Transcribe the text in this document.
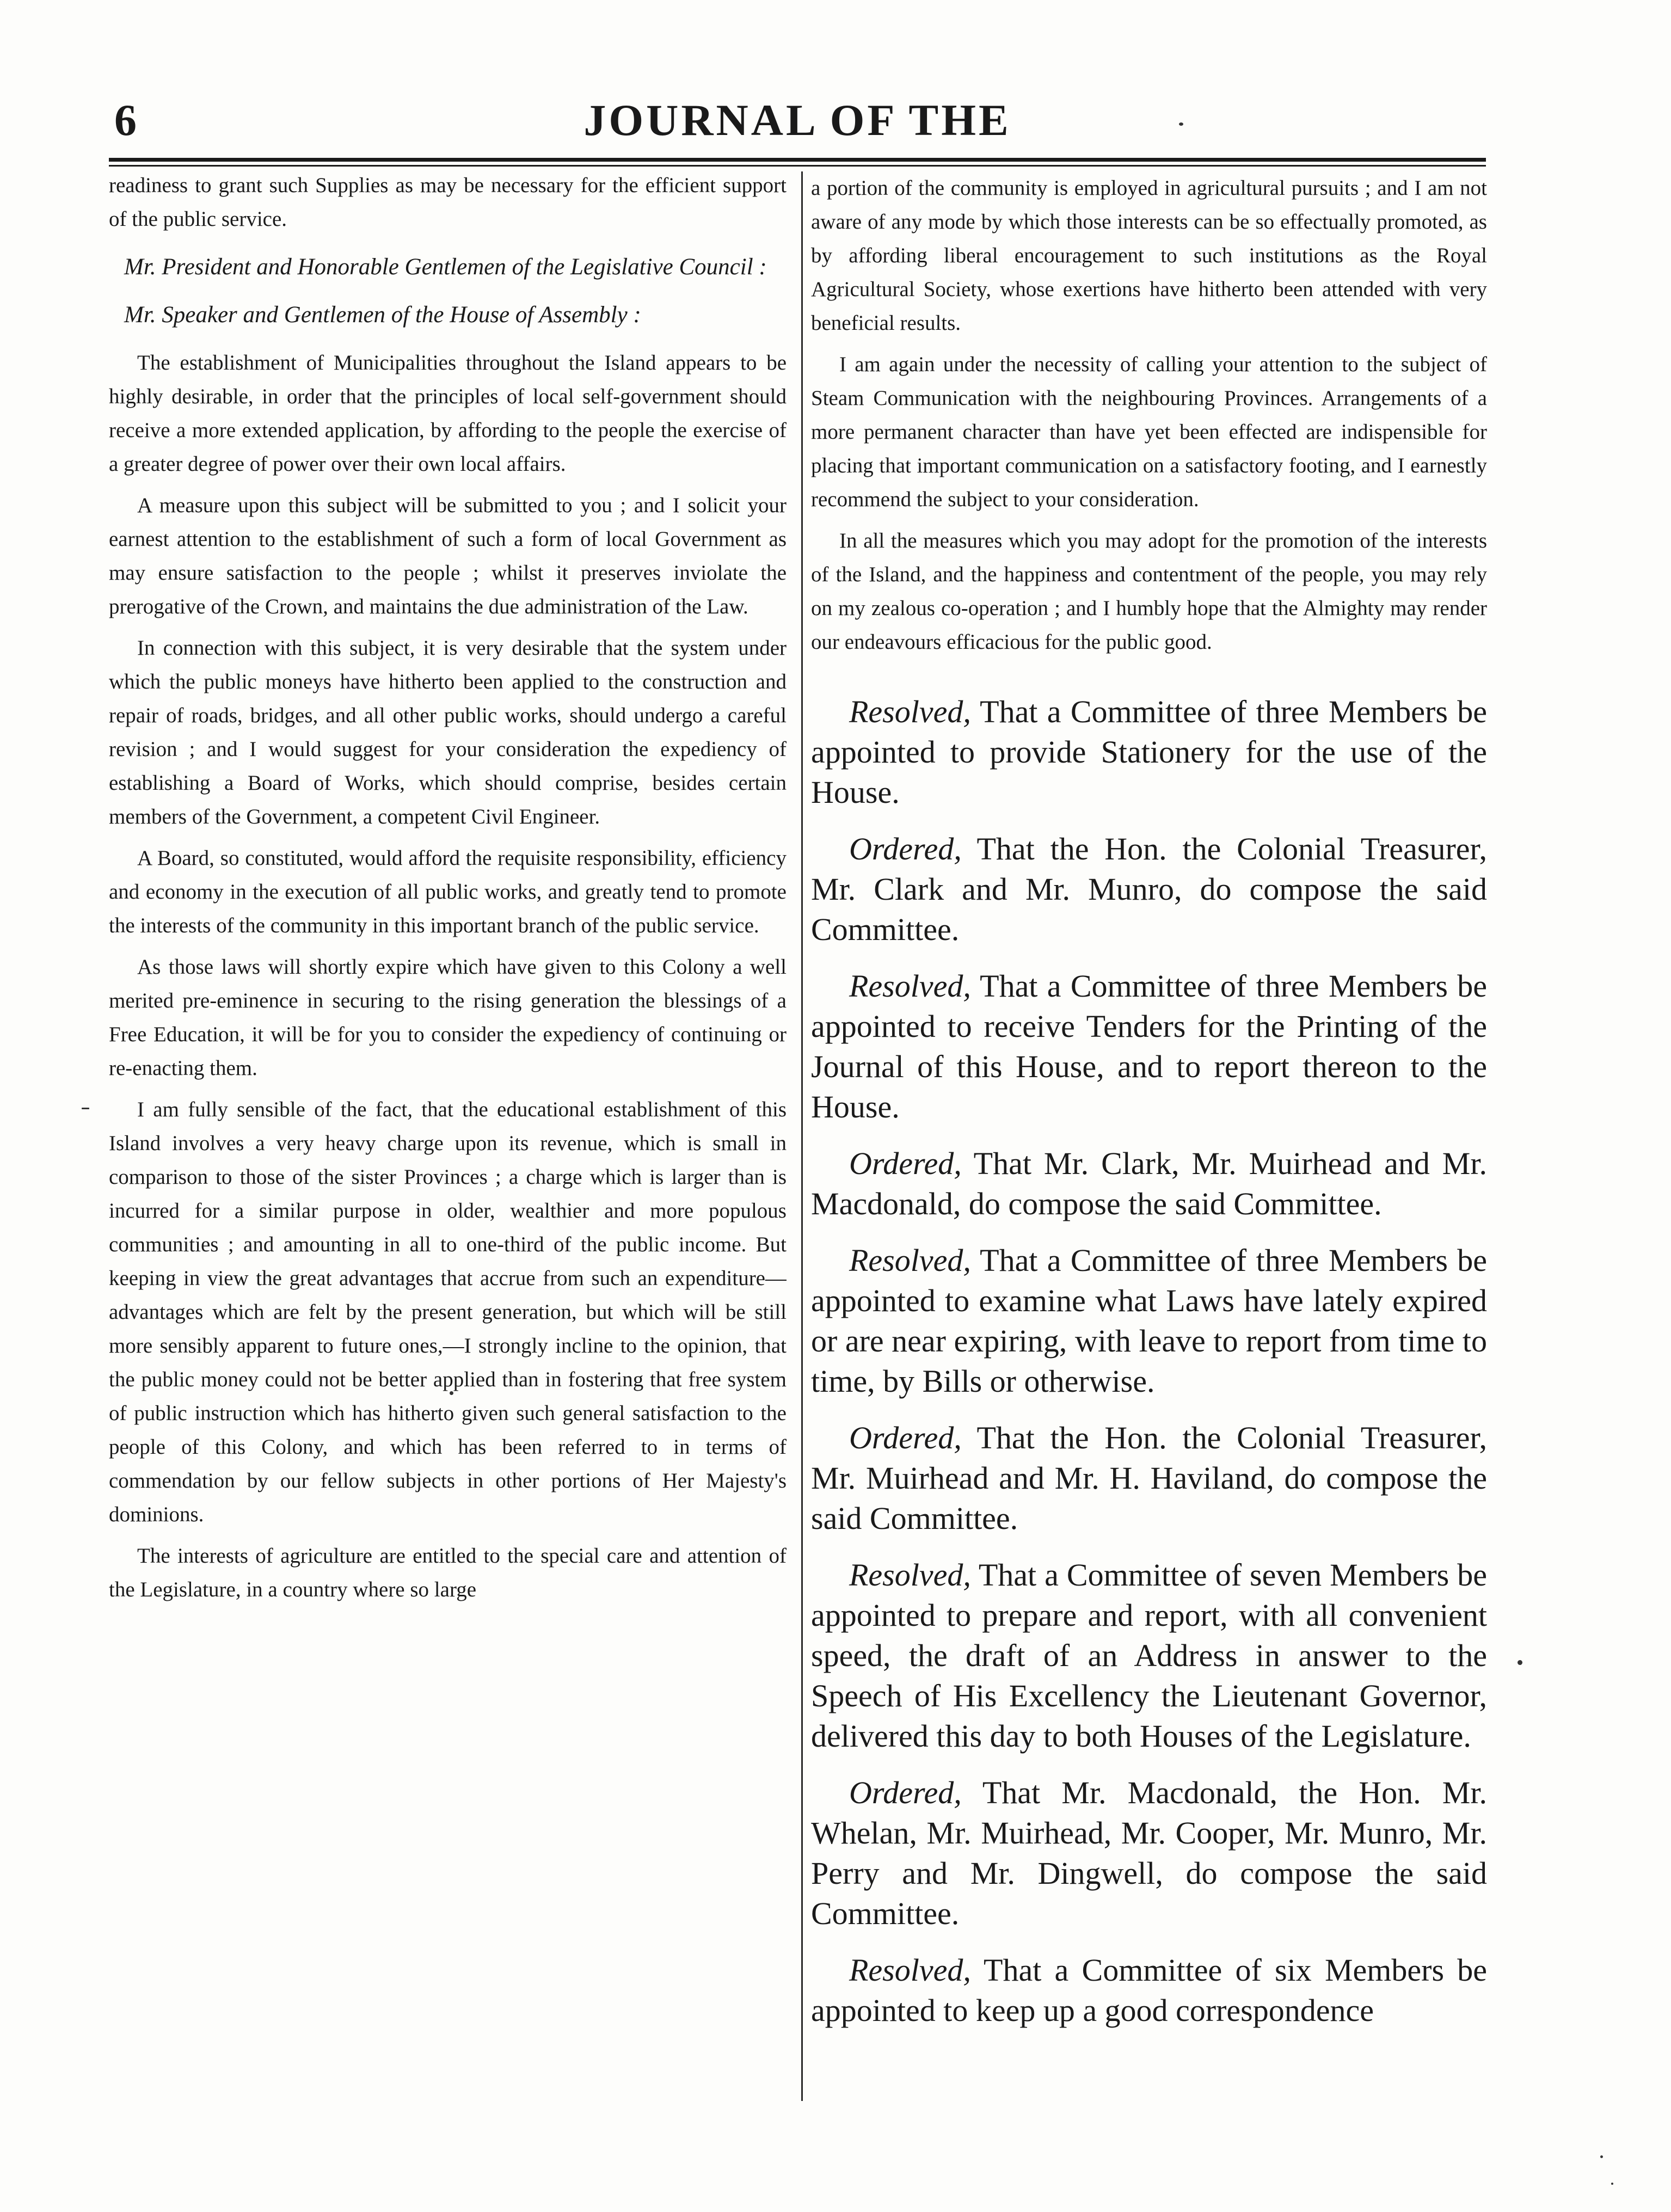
6	JOURNAL OF THE

readiness to grant such Supplies as may be necessary for the efficient support of the public service.

Mr. President and Honorable Gentlemen of the Legislative Council :

Mr. Speaker and Gentlemen of the House of Assembly :

The establishment of Municipalities throughout the Island appears to be highly desirable, in order that the principles of local self-government should receive a more extended application, by affording to the people the exercise of a greater degree of power over their own local affairs.

A measure upon this subject will be submitted to you ; and I solicit your earnest attention to the establishment of such a form of local Government as may ensure satisfaction to the people ; whilst it preserves inviolate the prerogative of the Crown, and maintains the due administration of the Law.

In connection with this subject, it is very desirable that the system under which the public moneys have hitherto been applied to the construction and repair of roads, bridges, and all other public works, should undergo a careful revision ; and I would suggest for your consideration the expediency of establishing a Board of Works, which should comprise, besides certain members of the Government, a competent Civil Engineer.

A Board, so constituted, would afford the requisite responsibility, efficiency and economy in the execution of all public works, and greatly tend to promote the interests of the community in this important branch of the public service.

As those laws will shortly expire which have given to this Colony a well merited pre-eminence in securing to the rising generation the blessings of a Free Education, it will be for you to consider the expediency of continuing or re-enacting them.

I am fully sensible of the fact, that the educational establishment of this Island involves a very heavy charge upon its revenue, which is small in comparison to those of the sister Provinces ; a charge which is larger than is incurred for a similar purpose in older, wealthier and more populous communities ; and amounting in all to one-third of the public income. But keeping in view the great advantages that accrue from such an expenditure—advantages which are felt by the present generation, but which will be still more sensibly apparent to future ones,—I strongly incline to the opinion, that the public money could not be better applied than in fostering that free system of public instruction which has hitherto given such general satisfaction to the people of this Colony, and which has been referred to in terms of commendation by our fellow subjects in other portions of Her Majesty's dominions.

The interests of agriculture are entitled to the special care and attention of the Legislature, in a country where so large

a portion of the community is employed in agricultural pursuits ; and I am not aware of any mode by which those interests can be so effectually promoted, as by affording liberal encouragement to such institutions as the Royal Agricultural Society, whose exertions have hitherto been attended with very beneficial results.

I am again under the necessity of calling your attention to the subject of Steam Communication with the neighbouring Provinces. Arrangements of a more permanent character than have yet been effected are indispensible for placing that important communication on a satisfactory footing, and I earnestly recommend the subject to your consideration.

In all the measures which you may adopt for the promotion of the interests of the Island, and the happiness and contentment of the people, you may rely on my zealous co-operation ; and I humbly hope that the Almighty may render our endeavours efficacious for the public good.

Resolved, That a Committee of three Members be appointed to provide Stationery for the use of the House.

Ordered, That the Hon. the Colonial Treasurer, Mr. Clark and Mr. Munro, do compose the said Committee.

Resolved, That a Committee of three Members be appointed to receive Tenders for the Printing of the Journal of this House, and to report thereon to the House.

Ordered, That Mr. Clark, Mr. Muirhead and Mr. Macdonald, do compose the said Committee.

Resolved, That a Committee of three Members be appointed to examine what Laws have lately expired or are near expiring, with leave to report from time to time, by Bills or otherwise.

Ordered, That the Hon. the Colonial Treasurer, Mr. Muirhead and Mr. H. Haviland, do compose the said Committee.

Resolved, That a Committee of seven Members be appointed to prepare and report, with all convenient speed, the draft of an Address in answer to the Speech of His Excellency the Lieutenant Governor, delivered this day to both Houses of the Legislature.

Ordered, That Mr. Macdonald, the Hon. Mr. Whelan, Mr. Muirhead, Mr. Cooper, Mr. Munro, Mr. Perry and Mr. Dingwell, do compose the said Committee.

Resolved, That a Committee of six Members be appointed to keep up a good correspondence
